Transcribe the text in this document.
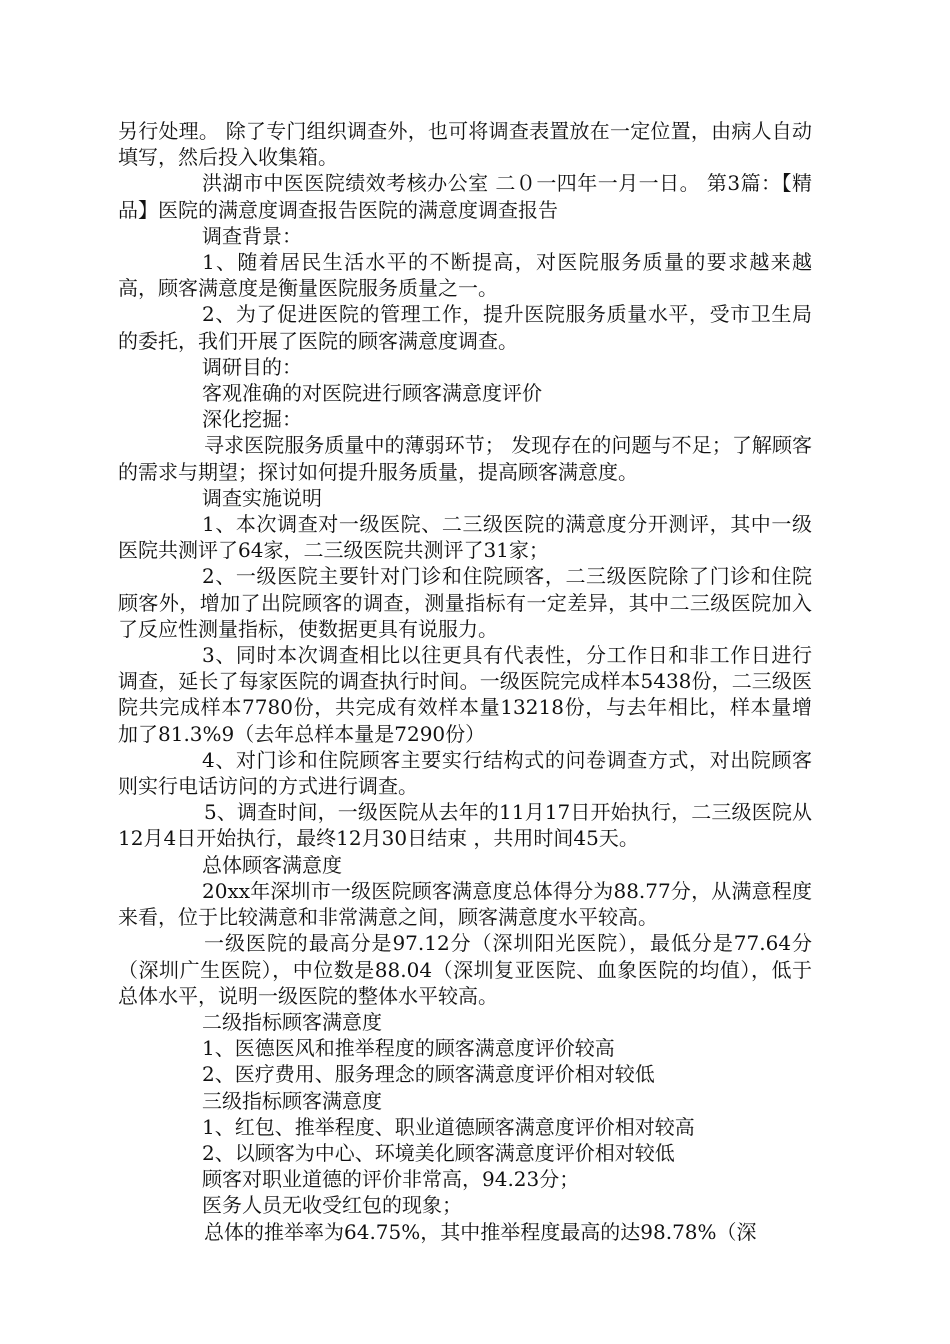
另行处理。 除了专门组织调查外，也可将调查表置放在一定位置，由病人自动填写，然后投入收集箱。

洪湖市中医医院绩效考核办公室 二０一四年一月一日。 第3篇：【精品】医院的满意度调查报告医院的满意度调查报告

调查背景：

1、随着居民生活水平的不断提高，对医院服务质量的要求越来越高，顾客满意度是衡量医院服务质量之一。

2、为了促进医院的管理工作，提升医院服务质量水平，受市卫生局的委托，我们开展了医院的顾客满意度调查。

调研目的：

客观准确的对医院进行顾客满意度评价

深化挖掘：

寻求医院服务质量中的薄弱环节； 发现存在的问题与不足；了解顾客的需求与期望；探讨如何提升服务质量，提高顾客满意度。

调查实施说明

1、本次调查对一级医院、二三级医院的满意度分开测评，其中一级医院共测评了64家，二三级医院共测评了31家；

2、一级医院主要针对门诊和住院顾客，二三级医院除了门诊和住院顾客外，增加了出院顾客的调查，测量指标有一定差异，其中二三级医院加入了反应性测量指标，使数据更具有说服力。

3、同时本次调查相比以往更具有代表性，分工作日和非工作日进行调查，延长了每家医院的调查执行时间。一级医院完成样本5438份，二三级医院共完成样本7780份，共完成有效样本量13218份，与去年相比，样本量增加了81.3%9（去年总样本量是7290份）

4、对门诊和住院顾客主要实行结构式的问卷调查方式，对出院顾客则实行电话访问的方式进行调查。

5、调查时间，一级医院从去年的11月17日开始执行，二三级医院从12月4日开始执行，最终12月30日结束 ，共用时间45天。

总体顾客满意度

20xx年深圳市一级医院顾客满意度总体得分为88.77分，从满意程度来看，位于比较满意和非常满意之间，顾客满意度水平较高。

一级医院的最高分是97.12分（深圳阳光医院），最低分是77.64分（深圳广生医院），中位数是88.04（深圳复亚医院、血象医院的均值），低于总体水平，说明一级医院的整体水平较高。

二级指标顾客满意度

1、医德医风和推举程度的顾客满意度评价较高

2、医疗费用、服务理念的顾客满意度评价相对较低

三级指标顾客满意度

1、红包、推举程度、职业道德顾客满意度评价相对较高

2、以顾客为中心、环境美化顾客满意度评价相对较低

顾客对职业道德的评价非常高，94.23分；

医务人员无收受红包的现象；

总体的推举率为64.75%，其中推举程度最高的达98.78%（深
